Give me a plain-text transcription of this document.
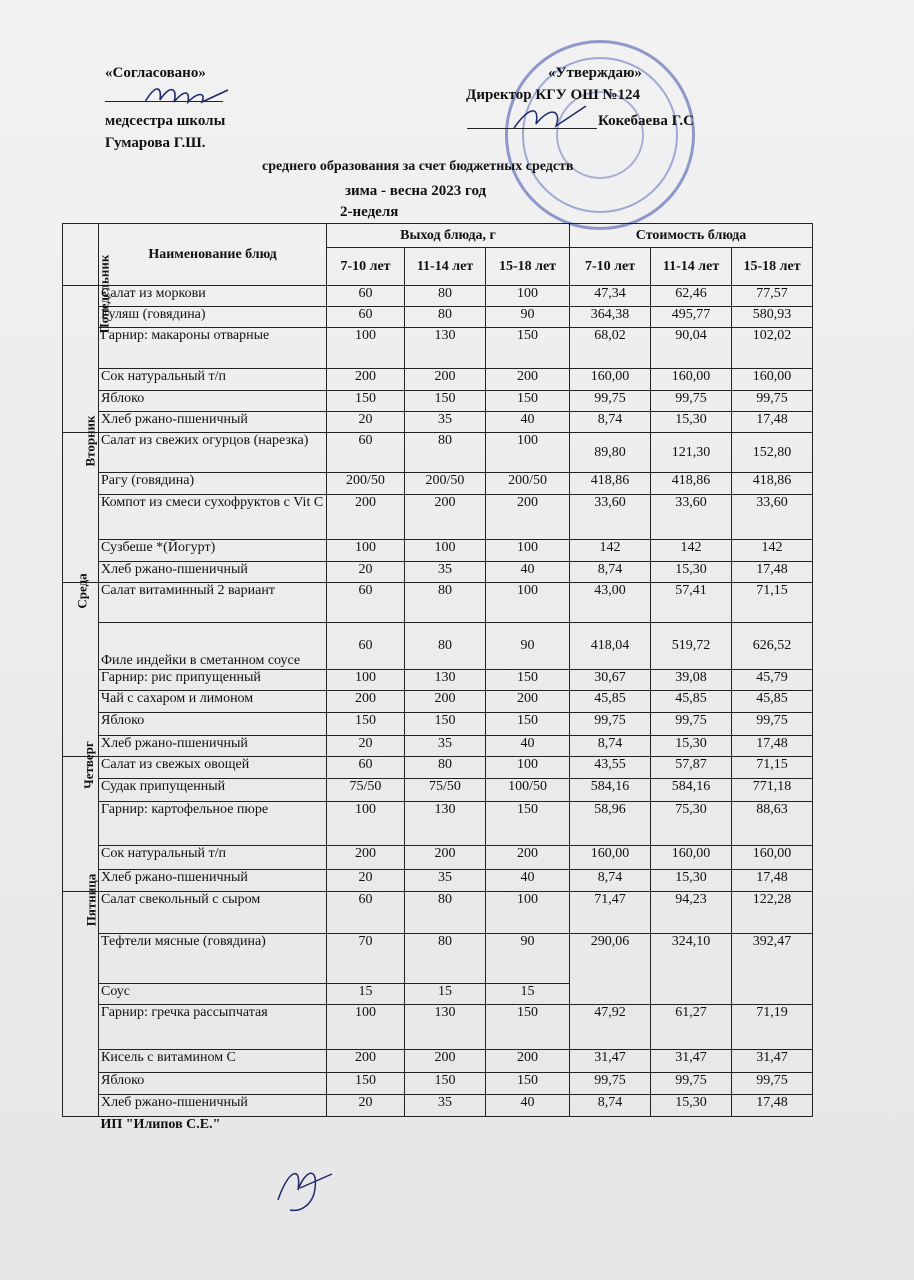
«Согласовано»
медсестра школы
Гумарова Г.Ш.
«Утверждаю»
Директор КГУ ОШ №124
Кокебаева Г.С
среднего образования за счет бюджетных средств
зима - весна 2023 год
2-неделя
	Наименование блюд	Выход блюда, г			Стоимость блюда		
		7-10 лет	11-14 лет	15-18 лет	7-10 лет	11-14 лет	15-18 лет
Понедельник	Салат из моркови	60	80	100	47,34	62,46	77,57
	Гуляш (говядина)	60	80	90	364,38	495,77	580,93
	Гарнир: макароны отварные	100	130	150	68,02	90,04	102,02
	Сок натуральный т/п	200	200	200	160,00	160,00	160,00
	Яблоко	150	150	150	99,75	99,75	99,75
	Хлеб ржано-пшеничный	20	35	40	8,74	15,30	17,48
Вторник	Салат из свежих огурцов (нарезка)	60	80	100	89,80	121,30	152,80
	Рагу (говядина)	200/50	200/50	200/50	418,86	418,86	418,86
	Компот из смеси сухофруктов с Vit C	200	200	200	33,60	33,60	33,60
	Сузбеше *(Йогурт)	100	100	100	142	142	142
	Хлеб ржано-пшеничный	20	35	40	8,74	15,30	17,48
Среда	Салат витаминный 2 вариант	60	80	100	43,00	57,41	71,15
	Филе индейки в сметанном соусе	60	80	90	418,04	519,72	626,52
	Гарнир: рис припущенный	100	130	150	30,67	39,08	45,79
	Чай с сахаром и лимоном	200	200	200	45,85	45,85	45,85
	Яблоко	150	150	150	99,75	99,75	99,75
	Хлеб ржано-пшеничный	20	35	40	8,74	15,30	17,48
Четверг	Салат из свежых овощей	60	80	100	43,55	57,87	71,15
	Судак припущенный	75/50	75/50	100/50	584,16	584,16	771,18
	Гарнир: картофельное пюре	100	130	150	58,96	75,30	88,63
	Сок натуральный т/п	200	200	200	160,00	160,00	160,00
	Хлеб ржано-пшеничный	20	35	40	8,74	15,30	17,48
Пятница	Салат свекольный с сыром	60	80	100	71,47	94,23	122,28
	Тефтели мясные (говядина)	70	80	90	290,06	324,10	392,47
	Соус	15	15	15			
	Гарнир: гречка рассыпчатая	100	130	150	47,92	61,27	71,19
	Кисель с витамином С	200	200	200	31,47	31,47	31,47
	Яблоко	150	150	150	99,75	99,75	99,75
	Хлеб ржано-пшеничный	20	35	40	8,74	15,30	17,48
	ИП "Илипов С.Е."						
